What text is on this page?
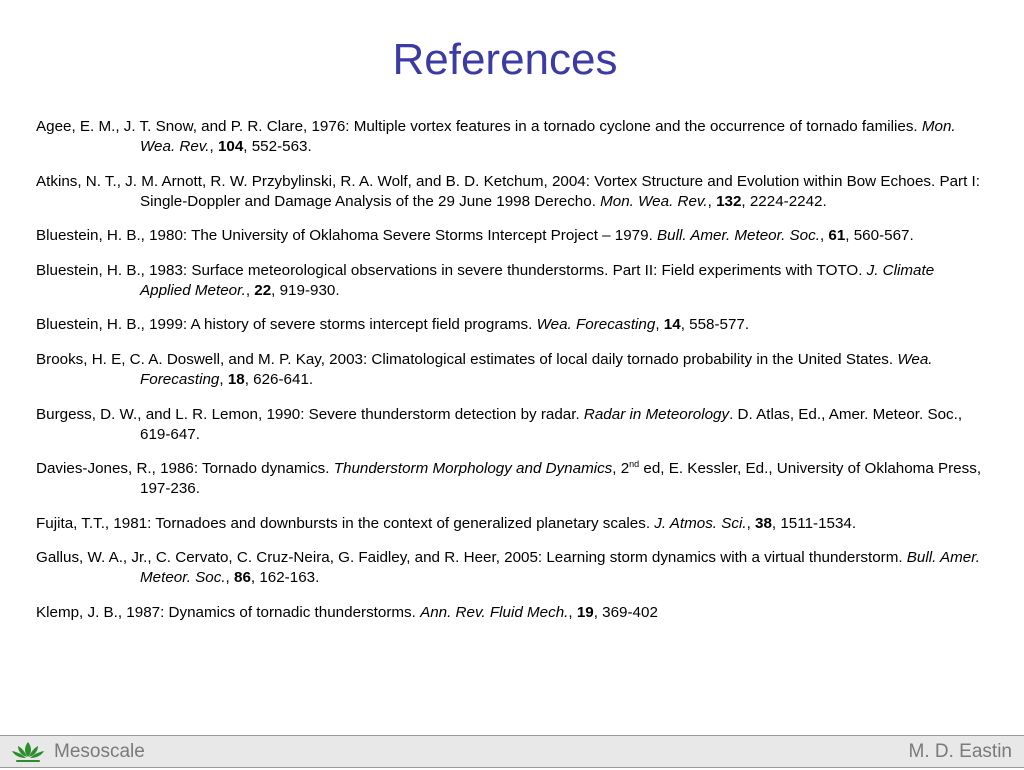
References

Agee, E. M., J. T. Snow, and P. R. Clare, 1976: Multiple vortex features in a tornado cyclone and the occurrence of tornado families. Mon. Wea. Rev., 104, 552-563.

Atkins, N. T., J. M. Arnott, R. W. Przybylinski, R. A. Wolf, and B. D. Ketchum, 2004: Vortex Structure and Evolution within Bow Echoes. Part I: Single-Doppler and Damage Analysis of the 29 June 1998 Derecho. Mon. Wea. Rev., 132, 2224-2242.

Bluestein, H. B., 1980: The University of Oklahoma Severe Storms Intercept Project – 1979. Bull. Amer. Meteor. Soc., 61, 560-567.

Bluestein, H. B., 1983: Surface meteorological observations in severe thunderstorms. Part II: Field experiments with TOTO. J. Climate Applied Meteor., 22, 919-930.

Bluestein, H. B., 1999: A history of severe storms intercept field programs. Wea. Forecasting, 14, 558-577.

Brooks, H. E, C. A. Doswell, and M. P. Kay, 2003: Climatological estimates of local daily tornado probability in the United States. Wea. Forecasting, 18, 626-641.

Burgess, D. W., and L. R. Lemon, 1990: Severe thunderstorm detection by radar. Radar in Meteorology. D. Atlas, Ed., Amer. Meteor. Soc., 619-647.

Davies-Jones, R., 1986: Tornado dynamics. Thunderstorm Morphology and Dynamics, 2nd ed, E. Kessler, Ed., University of Oklahoma Press, 197-236.

Fujita, T.T., 1981: Tornadoes and downbursts in the context of generalized planetary scales. J. Atmos. Sci., 38, 1511-1534.

Gallus, W. A., Jr., C. Cervato, C. Cruz-Neira, G. Faidley, and R. Heer, 2005: Learning storm dynamics with a virtual thunderstorm. Bull. Amer. Meteor. Soc., 86, 162-163.

Klemp, J. B., 1987: Dynamics of tornadic thunderstorms. Ann. Rev. Fluid Mech., 19, 369-402

Mesoscale	M. D. Eastin
